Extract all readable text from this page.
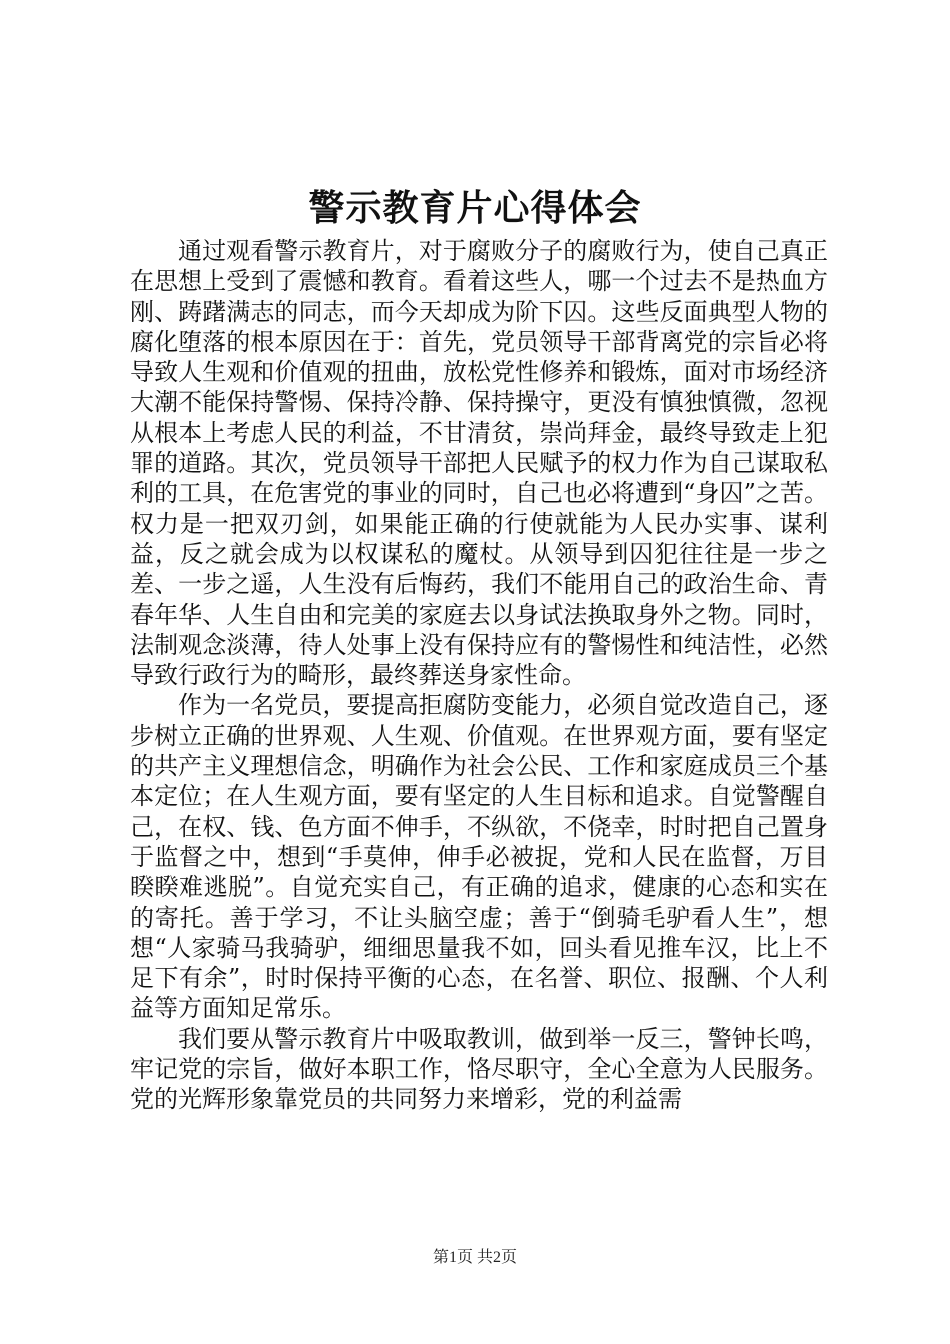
警示教育片心得体会

通过观看警示教育片，对于腐败分子的腐败行为，使自己真正在思想上受到了震憾和教育。看着这些人，哪一个过去不是热血方刚、踌躇满志的同志，而今天却成为阶下囚。这些反面典型人物的腐化堕落的根本原因在于：首先，党员领导干部背离党的宗旨必将导致人生观和价值观的扭曲，放松党性修养和锻炼，面对市场经济大潮不能保持警惕、保持冷静、保持操守，更没有慎独慎微，忽视从根本上考虑人民的利益，不甘清贫，崇尚拜金，最终导致走上犯罪的道路。其次，党员领导干部把人民赋予的权力作为自己谋取私利的工具，在危害党的事业的同时，自己也必将遭到“身囚”之苦。权力是一把双刃剑，如果能正确的行使就能为人民办实事、谋利益，反之就会成为以权谋私的魔杖。从领导到囚犯往往是一步之差、一步之遥，人生没有后悔药，我们不能用自己的政治生命、青春年华、人生自由和完美的家庭去以身试法换取身外之物。同时，法制观念淡薄，待人处事上没有保持应有的警惕性和纯洁性，必然导致行政行为的畸形，最终葬送身家性命。

作为一名党员，要提高拒腐防变能力，必须自觉改造自己，逐步树立正确的世界观、人生观、价值观。在世界观方面，要有坚定的共产主义理想信念，明确作为社会公民、工作和家庭成员三个基本定位；在人生观方面，要有坚定的人生目标和追求。自觉警醒自己，在权、钱、色方面不伸手，不纵欲，不侥幸，时时把自己置身于监督之中，想到“手莫伸，伸手必被捉，党和人民在监督，万目睽睽难逃脱”。自觉充实自己，有正确的追求，健康的心态和实在的寄托。善于学习，不让头脑空虚；善于“倒骑毛驴看人生”，想想“人家骑马我骑驴，细细思量我不如，回头看见推车汉，比上不足下有余”，时时保持平衡的心态，在名誉、职位、报酬、个人利益等方面知足常乐。

我们要从警示教育片中吸取教训，做到举一反三，警钟长鸣，牢记党的宗旨，做好本职工作，恪尽职守，全心全意为人民服务。党的光辉形象靠党员的共同努力来增彩，党的利益需

第1页 共2页
